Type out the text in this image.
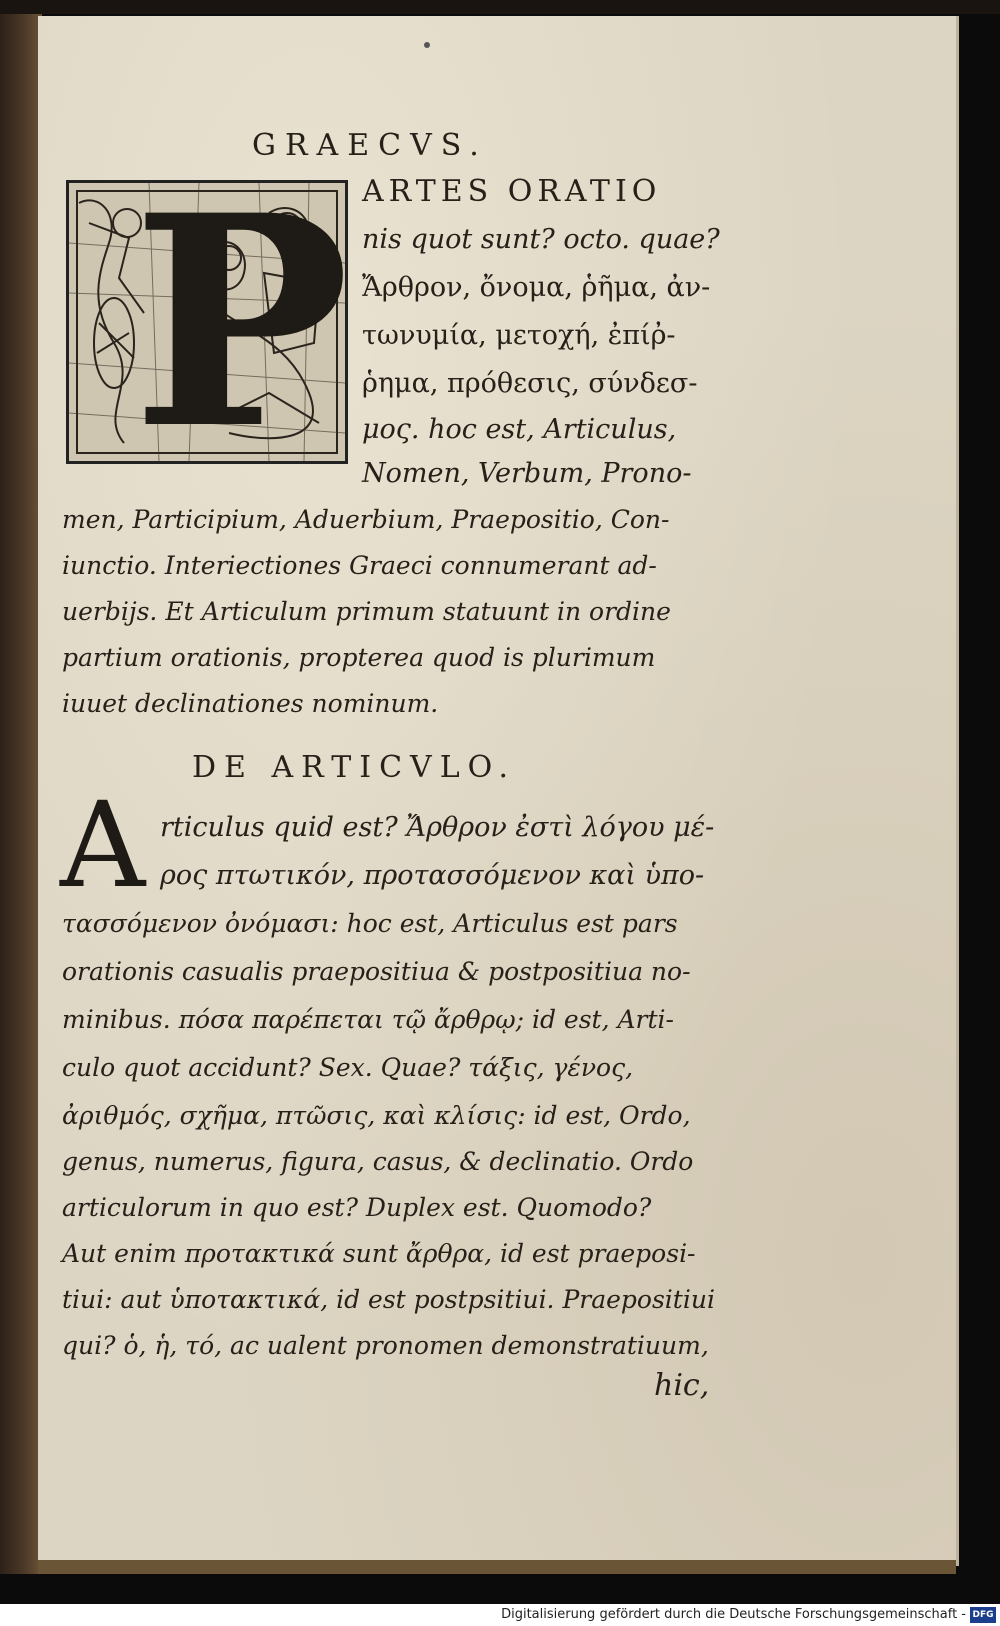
GRAECVS.
P ARTES ORATIO
nis quot sunt? octo. quae?
Ἄρθρον, ὄνομα, ῥῆμα, ἀν-
τωνυμία, μετοχή, ἐπίῤ-
ῥημα, πρόθεσις, σύνδεσ-
μος. hoc est, Articulus,
Nomen, Verbum, Prono-
men, Participium, Aduerbium, Praepositio, Con-
iunctio. Interiectiones Graeci connumerant ad-
uerbijs. Et Articulum primum statuunt in ordine
partium orationis, propterea quod is plurimum
iuuet declinationes nominum.
DE ARTICVLO.
A rticulus quid est? Ἄρθρον ἐστὶ λόγου μέ-
ρος πτωτικόν, προτασσόμενον καὶ ὑπο-
τασσόμενον ὀνόμασι: hoc est, Articulus est pars
orationis casualis praepositiua & postpositiua no-
minibus. πόσα παρέπεται τῷ ἄρθρῳ; id est, Arti-
culo quot accidunt? Sex. Quae? τάξις, γένος,
ἀριθμός, σχῆμα, πτῶσις, καὶ κλίσις: id est, Ordo,
genus, numerus, figura, casus, & declinatio. Ordo
articulorum in quo est? Duplex est. Quomodo?
Aut enim προτακτικά sunt ἄρθρα, id est praeposi-
tiui: aut ὑποτακτικά, id est postpsitiui. Praepositiui
qui? ὁ, ἡ, τό, ac ualent pronomen demonstratiuum,
hic,
Digitalisierung gefördert durch die Deutsche Forschungsgemeinschaft - DFG
